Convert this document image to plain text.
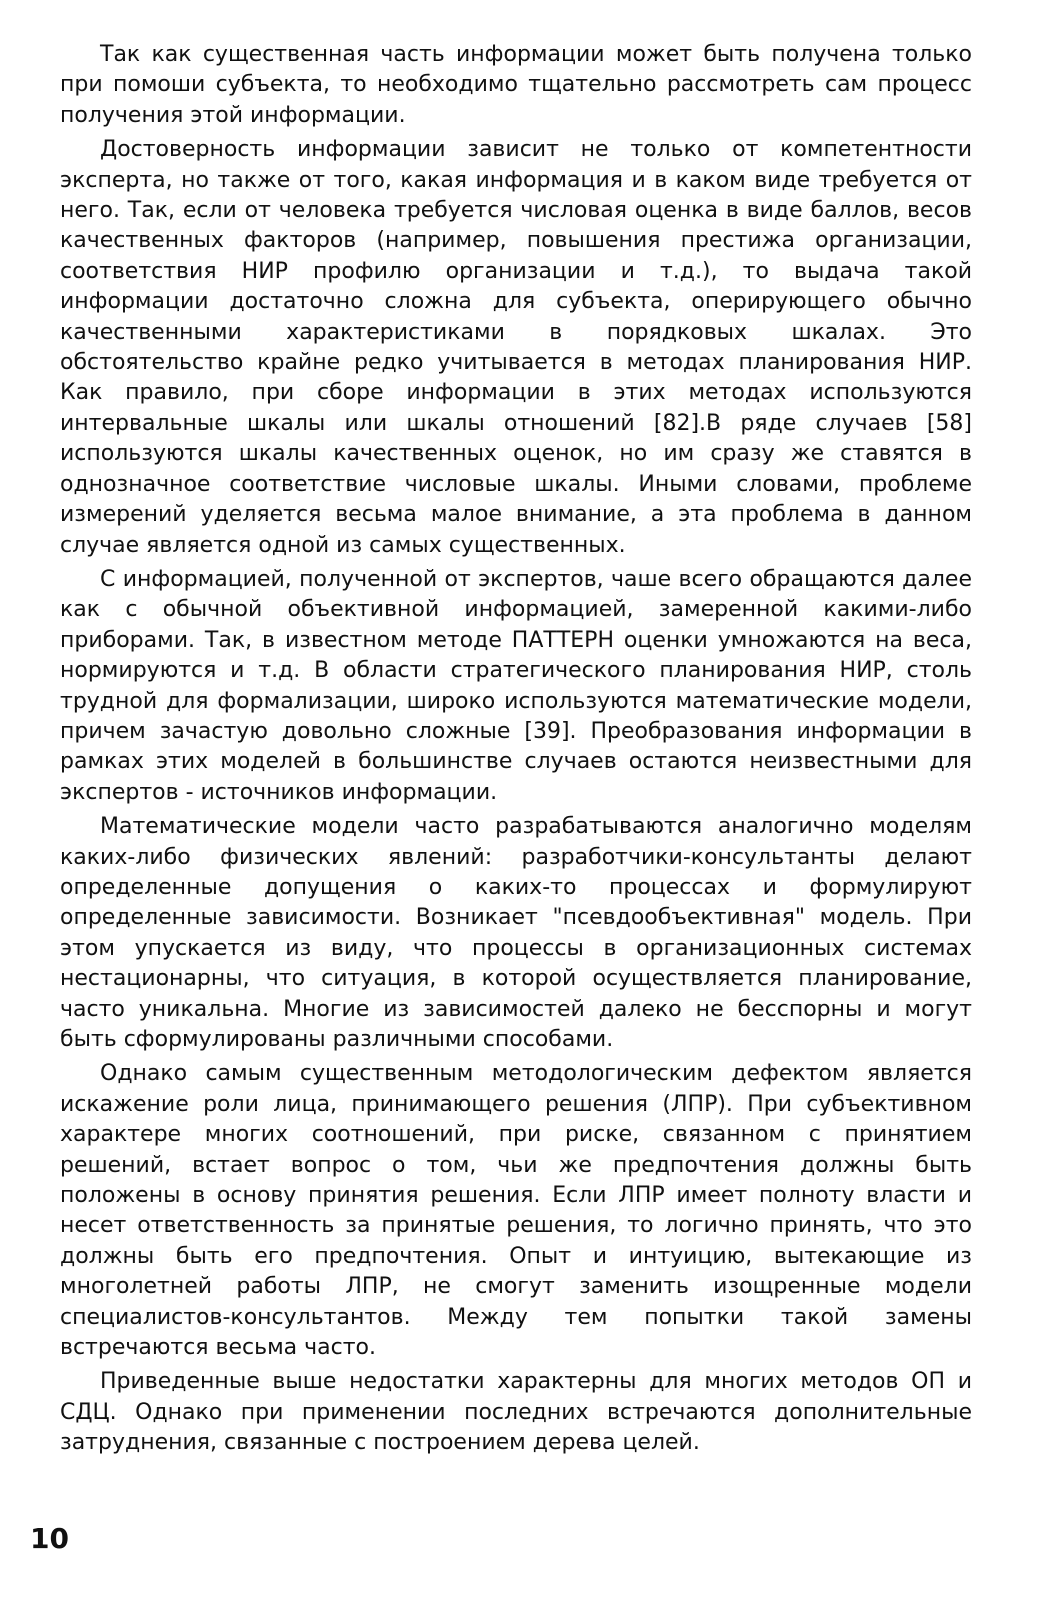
Так как существенная часть информации может быть получена только при помоши субъекта, то необходимо тщательно рассмотреть сам процесс получения этой информации.

Достоверность информации зависит не только от компетентности эксперта, но также от того, какая информация и в каком виде требуется от него. Так, если от человека требуется числовая оценка в виде баллов, весов качественных факторов (например, повышения престижа организации, соответствия НИР профилю организации и т.д.), то выдача такой информации достаточно сложна для субъекта, оперирующего обычно качественными характеристиками в порядковых шкалах. Это обстоятельство крайне редко учитывается в методах планирования НИР. Как правило, при сборе информации в этих методах используются интервальные шкалы или шкалы отношений [82].В ряде случаев [58] используются шкалы качественных оценок, но им сразу же ставятся в однозначное соответствие числовые шкалы. Иными словами, проблеме измерений уделяется весьма малое внимание, а эта проблема в данном случае является одной из самых существенных.

С информацией, полученной от экспертов, чаше всего обращаются далее как с обычной объективной информацией, замеренной какими-либо приборами. Так, в известном методе ПАТТЕРН оценки умножаются на веса, нормируются и т.д. В области стратегического планирования НИР, столь трудной для формализации, широко используются математические модели, причем зачастую довольно сложные [39]. Преобразования информации в рамках этих моделей в большинстве случаев остаются неизвестными для экспертов - источников информации.

Математические модели часто разрабатываются аналогично моделям каких-либо физических явлений: разработчики-консультанты делают определенные допущения о каких-то процессах и формулируют определенные зависимости. Возникает "псевдообъективная" модель. При этом упускается из виду, что процессы в организационных системах нестационарны, что ситуация, в которой осуществляется планирование, часто уникальна. Многие из зависимостей далеко не бесспорны и могут быть сформулированы различными способами.

Однако самым существенным методологическим дефектом является искажение роли лица, принимающего решения (ЛПР). При субъективном характере многих соотношений, при риске, связанном с принятием решений, встает вопрос о том, чьи же предпочтения должны быть положены в основу принятия решения. Если ЛПР имеет полноту власти и несет ответственность за принятые решения, то логично принять, что это должны быть его предпочтения. Опыт и интуицию, вытекающие из многолетней работы ЛПР, не смогут заменить изощренные модели специалистов-консультантов. Между тем попытки такой замены встречаются весьма часто.

Приведенные выше недостатки характерны для многих методов ОП и СДЦ. Однако при применении последних встречаются дополнительные затруднения, связанные с построением дерева целей.

10
